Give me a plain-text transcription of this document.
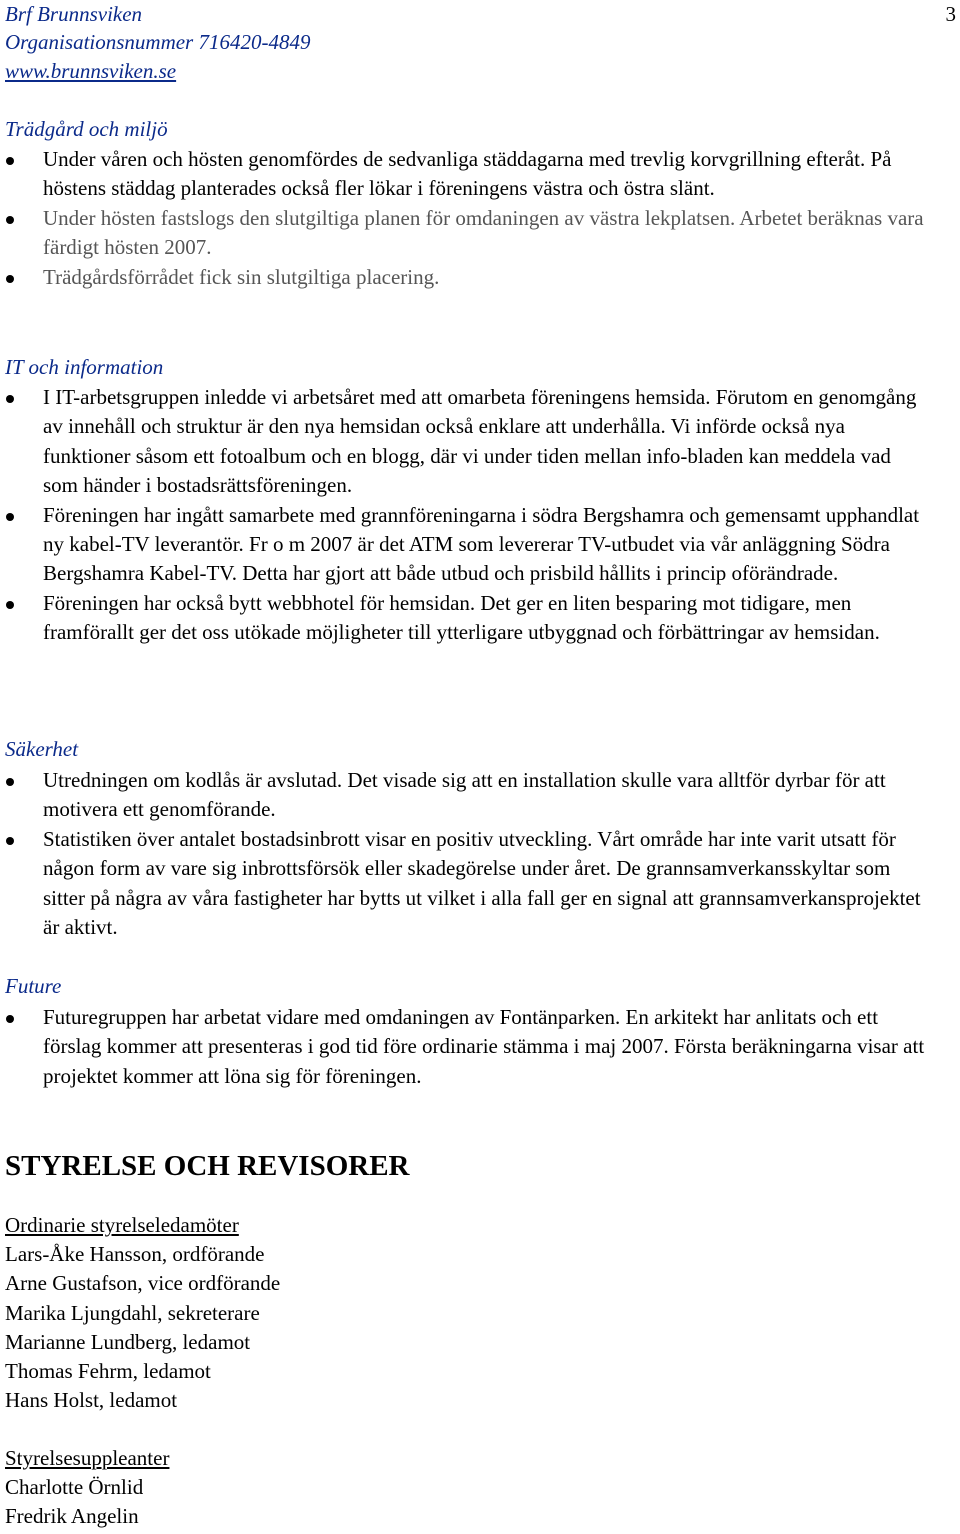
Brf Brunnsviken
Organisationsnummer 716420-4849
www.brunnsviken.se
3
Trädgård och miljö
Under våren och hösten genomfördes de sedvanliga städdagarna med trevlig korvgrillning efteråt. På höstens städdag planterades också fler lökar i föreningens västra och östra slänt.
Under hösten fastslogs den slutgiltiga planen för omdaningen av västra lekplatsen. Arbetet beräknas vara färdigt hösten 2007.
Trädgårdsförrådet fick sin slutgiltiga placering.
IT och information
I IT-arbetsgruppen inledde vi arbetsåret med att omarbeta föreningens hemsida. Förutom en genomgång av innehåll och struktur är den nya hemsidan också enklare att underhålla. Vi införde också nya funktioner såsom ett fotoalbum och en blogg, där vi under tiden mellan info-bladen kan meddela vad som händer i bostadsrättsföreningen.
Föreningen har ingått samarbete med grannföreningarna i södra Bergshamra och gemensamt upphandlat ny kabel-TV leverantör. Fr o m 2007 är det ATM som levererar TV-utbudet via vår anläggning Södra Bergshamra Kabel-TV. Detta har gjort att både utbud och prisbild hållits i princip oförändrade.
Föreningen har också bytt webbhotel för hemsidan. Det ger en liten besparing mot tidigare, men framförallt ger det oss utökade möjligheter till ytterligare utbyggnad och förbättringar av hemsidan.
Säkerhet
Utredningen om kodlås är avslutad. Det visade sig att en installation skulle vara alltför dyrbar för att motivera ett genomförande.
Statistiken över antalet bostadsinbrott visar en positiv utveckling. Vårt område har inte varit utsatt för någon form av vare sig inbrottsförsök eller skadegörelse under året. De grannsamverkansskyltar som sitter på några av våra fastigheter har bytts ut vilket i alla fall ger en signal att grannsamverkansprojektet är aktivt.
Future
Futuregruppen har arbetat vidare med omdaningen av Fontänparken. En arkitekt har anlitats och ett förslag kommer att presenteras i god tid före ordinarie stämma i maj 2007. Första beräkningarna visar att projektet kommer att löna sig för föreningen.
STYRELSE OCH REVISORER
Ordinarie styrelseledamöter
Lars-Åke Hansson, ordförande
Arne Gustafson, vice ordförande
Marika Ljungdahl, sekreterare
Marianne Lundberg, ledamot
Thomas Fehrm, ledamot
Hans Holst, ledamot
Styrelsesuppleanter
Charlotte Örnlid
Fredrik Angelin
